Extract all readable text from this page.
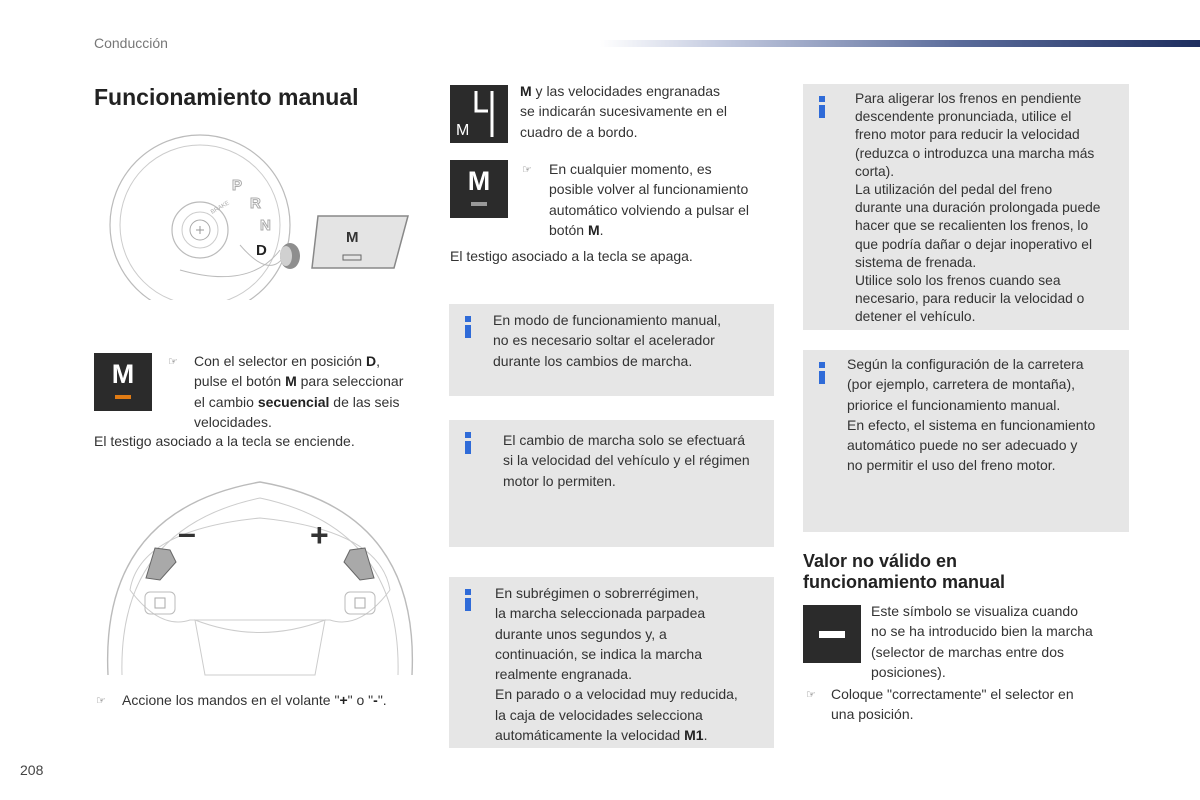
Conducción
Funcionamiento manual
BRAKE
P
R
N
D
M
M	☞ Con el selector en posición D,
pulse el botón M para seleccionar
el cambio secuencial de las seis
velocidades.
El testigo asociado a la tecla se enciende.
–	+
☞ Accione los mandos en el volante "+" o "-".
M
M y las velocidades engranadas
se indicarán sucesivamente en el
cuadro de a bordo.
M	☞ En cualquier momento, es
posible volver al funcionamiento
automático volviendo a pulsar el
botón M.
El testigo asociado a la tecla se apaga.
En modo de funcionamiento manual,
no es necesario soltar el acelerador
durante los cambios de marcha.
El cambio de marcha solo se efectuará
si la velocidad del vehículo y el régimen
motor lo permiten.
En subrégimen o sobrerrégimen,
la marcha seleccionada parpadea
durante unos segundos y, a
continuación, se indica la marcha
realmente engranada.
En parado o a velocidad muy reducida,
la caja de velocidades selecciona
automáticamente la velocidad M1.
Para aligerar los frenos en pendiente
descendente pronunciada, utilice el
freno motor para reducir la velocidad
(reduzca o introduzca una marcha más
corta).
La utilización del pedal del freno
durante una duración prolongada puede
hacer que se recalienten los frenos, lo
que podría dañar o dejar inoperativo el
sistema de frenada.
Utilice solo los frenos cuando sea
necesario, para reducir la velocidad o
detener el vehículo.
Según la configuración de la carretera
(por ejemplo, carretera de montaña),
priorice el funcionamiento manual.
En efecto, el sistema en funcionamiento
automático puede no ser adecuado y
no permitir el uso del freno motor.
Valor no válido en
funcionamiento manual
Este símbolo se visualiza cuando
no se ha introducido bien la marcha
(selector de marchas entre dos
posiciones).
☞ Coloque "correctamente" el selector en
una posición.
208
